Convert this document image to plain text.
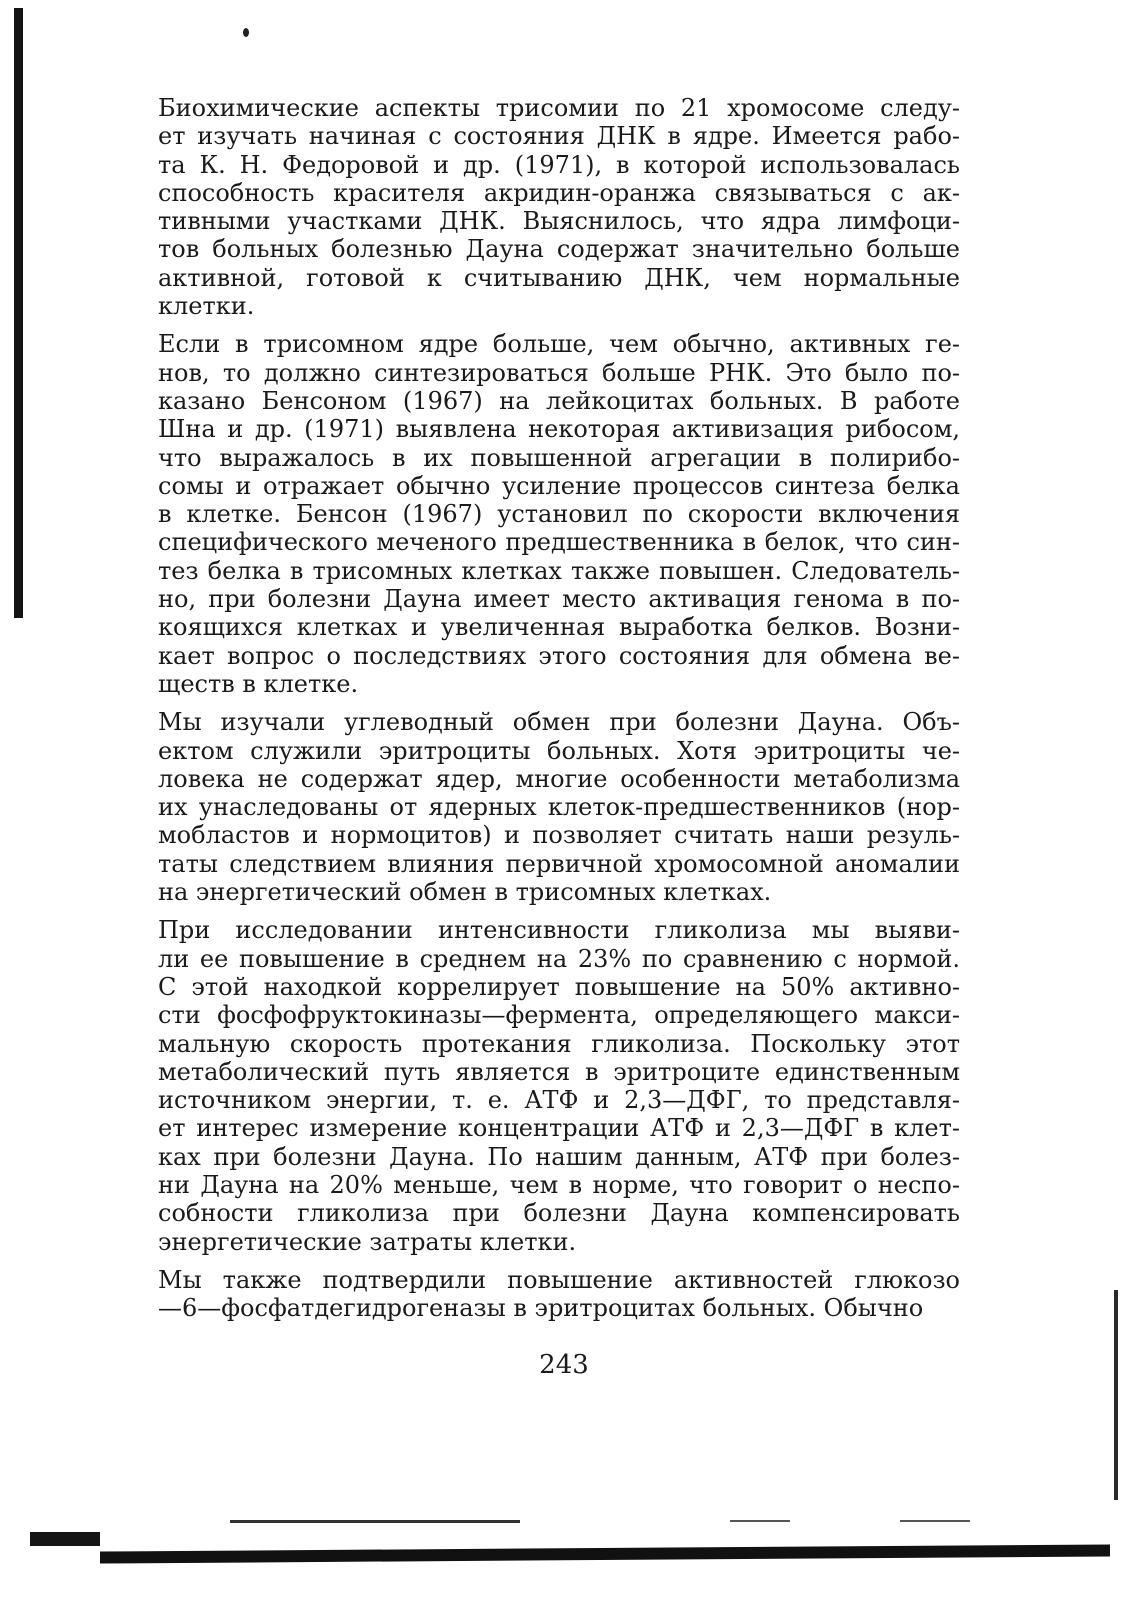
Биохимические аспекты трисомии по 21 хромосоме следу-
ет изучать начиная с состояния ДНК в ядре. Имеется рабо-
та К. Н. Федоровой и др. (1971), в которой использовалась
способность красителя акридин-оранжа связываться с ак-
тивными участками ДНК. Выяснилось, что ядра лимфоци-
тов больных болезнью Дауна содержат значительно больше
активной, готовой к считыванию ДНК, чем нормальные
клетки.

Если в трисомном ядре больше, чем обычно, активных ге-
нов, то должно синтезироваться больше РНК. Это было по-
казано Бенсоном (1967) на лейкоцитах больных. В работе
Шна и др. (1971) выявлена некоторая активизация рибосом,
что выражалось в их повышенной агрегации в полирибо-
сомы и отражает обычно усиление процессов синтеза белка
в клетке. Бенсон (1967) установил по скорости включения
специфического меченого предшественника в белок, что син-
тез белка в трисомных клетках также повышен. Следователь-
но, при болезни Дауна имеет место активация генома в по-
коящихся клетках и увеличенная выработка белков. Возни-
кает вопрос о последствиях этого состояния для обмена ве-
ществ в клетке.

Мы изучали углеводный обмен при болезни Дауна. Объ-
ектом служили эритроциты больных. Хотя эритроциты че-
ловека не содержат ядер, многие особенности метаболизма
их унаследованы от ядерных клеток-предшественников (нор-
мобластов и нормоцитов) и позволяет считать наши резуль-
таты следствием влияния первичной хромосомной аномалии
на энергетический обмен в трисомных клетках.

При исследовании интенсивности гликолиза мы выяви-
ли ее повышение в среднем на 23% по сравнению с нормой.
С этой находкой коррелирует повышение на 50% активно-
сти фосфофруктокиназы—фермента, определяющего макси-
мальную скорость протекания гликолиза. Поскольку этот
метаболический путь является в эритроците единственным
источником энергии, т. е. АТФ и 2,3—ДФГ, то представля-
ет интерес измерение концентрации АТФ и 2,3—ДФГ в клет-
ках при болезни Дауна. По нашим данным, АТФ при болез-
ни Дауна на 20% меньше, чем в норме, что говорит о неспо-
собности гликолиза при болезни Дауна компенсировать
энергетические затраты клетки.

Мы также подтвердили повышение активностей глюкозо
—6—фосфатдегидрогеназы в эритроцитах больных. Обычно

243
